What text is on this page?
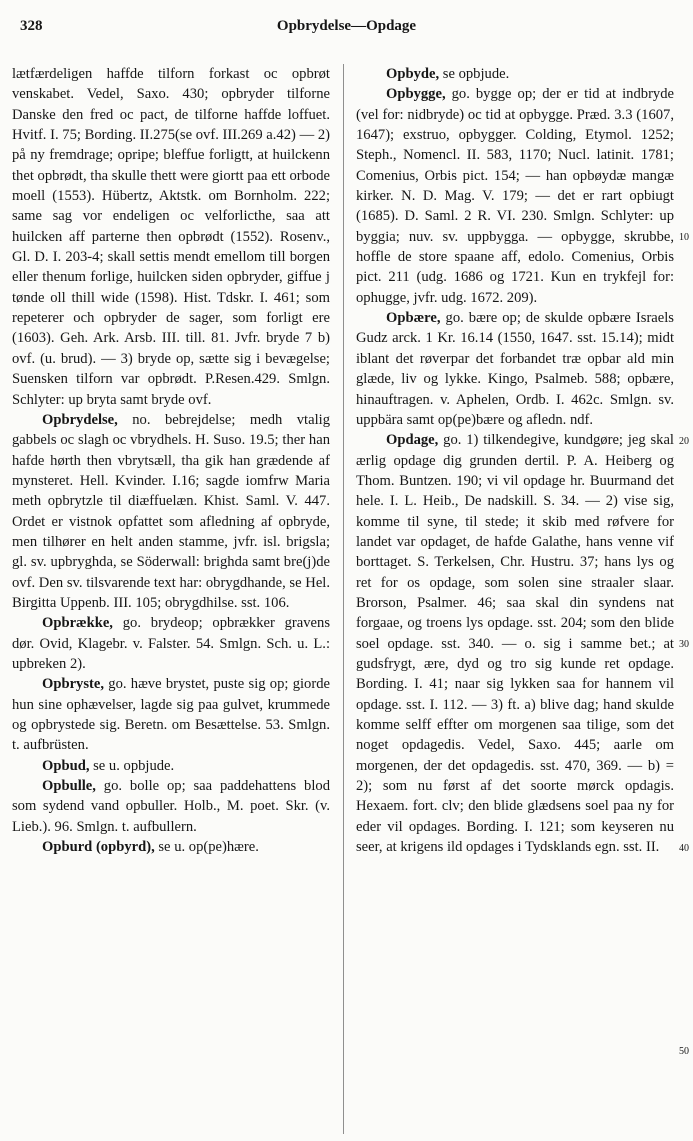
328	Opbrydelse—Opdage

lætfærdeligen haffde tilforn forkast oc opbrøt venskabet. Vedel, Saxo. 430; opbryder tilforne Danske den fred oc pact, de tilforne haffde loffuet. Hvitf. I. 75; Bording. II.275(se ovf. III.269 a.42) — 2) på ny fremdrage; opripe; bleffue forligtt, at huilckenn thet opbrødt, tha skulle thett were giortt paa ett orbode moell (1553). Hübertz, Aktstk. om Bornholm. 222; same sag vor endeligen oc velforlicthe, saa att huilcken aff parterne then opbrødt (1552). Rosenv., Gl. D. I. 203-4; skall settis mendt emellom till borgen eller thenum forlige, huilcken siden opbryder, giffue j tønde oll thill wide (1598). Hist. Tdskr. I. 461; som repeterer och opbryder de sager, som forligt ere (1603). Geh. Ark. Arsb. III. till. 81. Jvfr. bryde 7 b) ovf. (u. brud). — 3) bryde op, sætte sig i bevægelse; Suensken tilforn var opbrødt. P.Resen.429. Smlgn. Schlyter: up bryta samt bryde ovf.

Opbrydelse, no. bebrejdelse; medh vtalig gabbels oc slagh oc vbrydhels. H. Suso. 19.5; ther han hafde hørth then vbrytsæll, tha gik han grædende af mynsteret. Hell. Kvinder. I.16; sagde iomfrw Maria meth opbrytzle til diæffuelæn. Khist. Saml. V. 447. Ordet er vistnok opfattet som afledning af opbryde, men tilhører en helt anden stamme, jvfr. isl. brigsla; gl. sv. upbryghda, se Söderwall: brighda samt bre(j)de ovf. Den sv. tilsvarende text har: obrygdhande, se Hel. Birgitta Uppenb. III. 105; obrygdhilse. sst. 106.

Opbrække, go. brydeop; opbrækker gravens dør. Ovid, Klagebr. v. Falster. 54. Smlgn. Sch. u. L.: upbreken 2).

Opbryste, go. hæve brystet, puste sig op; giorde hun sine ophævelser, lagde sig paa gulvet, krummede og opbrystede sig. Beretn. om Besættelse. 53. Smlgn. t. aufbrüsten.

Opbud, se u. opbjude.

Opbulle, go. bolle op; saa paddehattens blod som sydend vand opbuller. Holb., M. poet. Skr. (v. Lieb.). 96. Smlgn. t. aufbullern.

Opburd (opbyrd), se u. op(pe)hære.

10
20
30
40
50

Opbyde, se opbjude.

Opbygge, go. bygge op; der er tid at indbryde (vel for: nidbryde) oc tid at opbygge. Præd. 3.3 (1607, 1647); exstruo, opbygger. Colding, Etymol. 1252; Steph., Nomencl. II. 583, 1170; Nucl. latinit. 1781; Comenius, Orbis pict. 154; — han opbøydæ mangæ kirker. N. D. Mag. V. 179; — det er rart opbiugt (1685). D. Saml. 2 R. VI. 230. Smlgn. Schlyter: up byggia; nuv. sv. uppbygga. — opbygge, skrubbe, hoffle de store spaane aff, edolo. Comenius, Orbis pict. 211 (udg. 1686 og 1721. Kun en trykfejl for: ophugge, jvfr. udg. 1672. 209).

Opbære, go. bære op; de skulde opbære Israels Gudz arck. 1 Kr. 16.14 (1550, 1647. sst. 15.14); midt iblant det røverpar det forbandet træ opbar ald min glæde, liv og lykke. Kingo, Psalmeb. 588; opbære, hinauftragen. v. Aphelen, Ordb. I. 462c. Smlgn. sv. uppbära samt op(pe)bære og afledn. ndf.

Opdage, go. 1) tilkendegive, kundgøre; jeg skal ærlig opdage dig grunden dertil. P. A. Heiberg og Thom. Buntzen. 190; vi vil opdage hr. Buurmand det hele. I. L. Heib., De nadskill. S. 34. — 2) vise sig, komme til syne, til stede; it skib med røfvere for landet var opdaget, de hafde Galathe, hans venne vif borttaget. S. Terkelsen, Chr. Hustru. 37; hans lys og ret for os opdage, som solen sine straaler slaar. Brorson, Psalmer. 46; saa skal din syndens nat forgaae, og troens lys opdage. sst. 204; som den blide soel opdage. sst. 340. — o. sig i samme bet.; at gudsfrygt, ære, dyd og tro sig kunde ret opdage. Bording. I. 41; naar sig lykken saa for hannem vil opdage. sst. I. 112. — 3) ft. a) blive dag; hand skulde komme selff effter om morgenen saa tilige, som det noget opdagedis. Vedel, Saxo. 445; aarle om morgenen, der det opdagedis. sst. 470, 369. — b) = 2); som nu først af det soorte mørck opdagis. Hexaem. fort. clv; den blide glædsens soel paa ny for eder vil opdages. Bording. I. 121; som keyseren nu seer, at krigens ild opdages i Tydsklands egn. sst. II.
